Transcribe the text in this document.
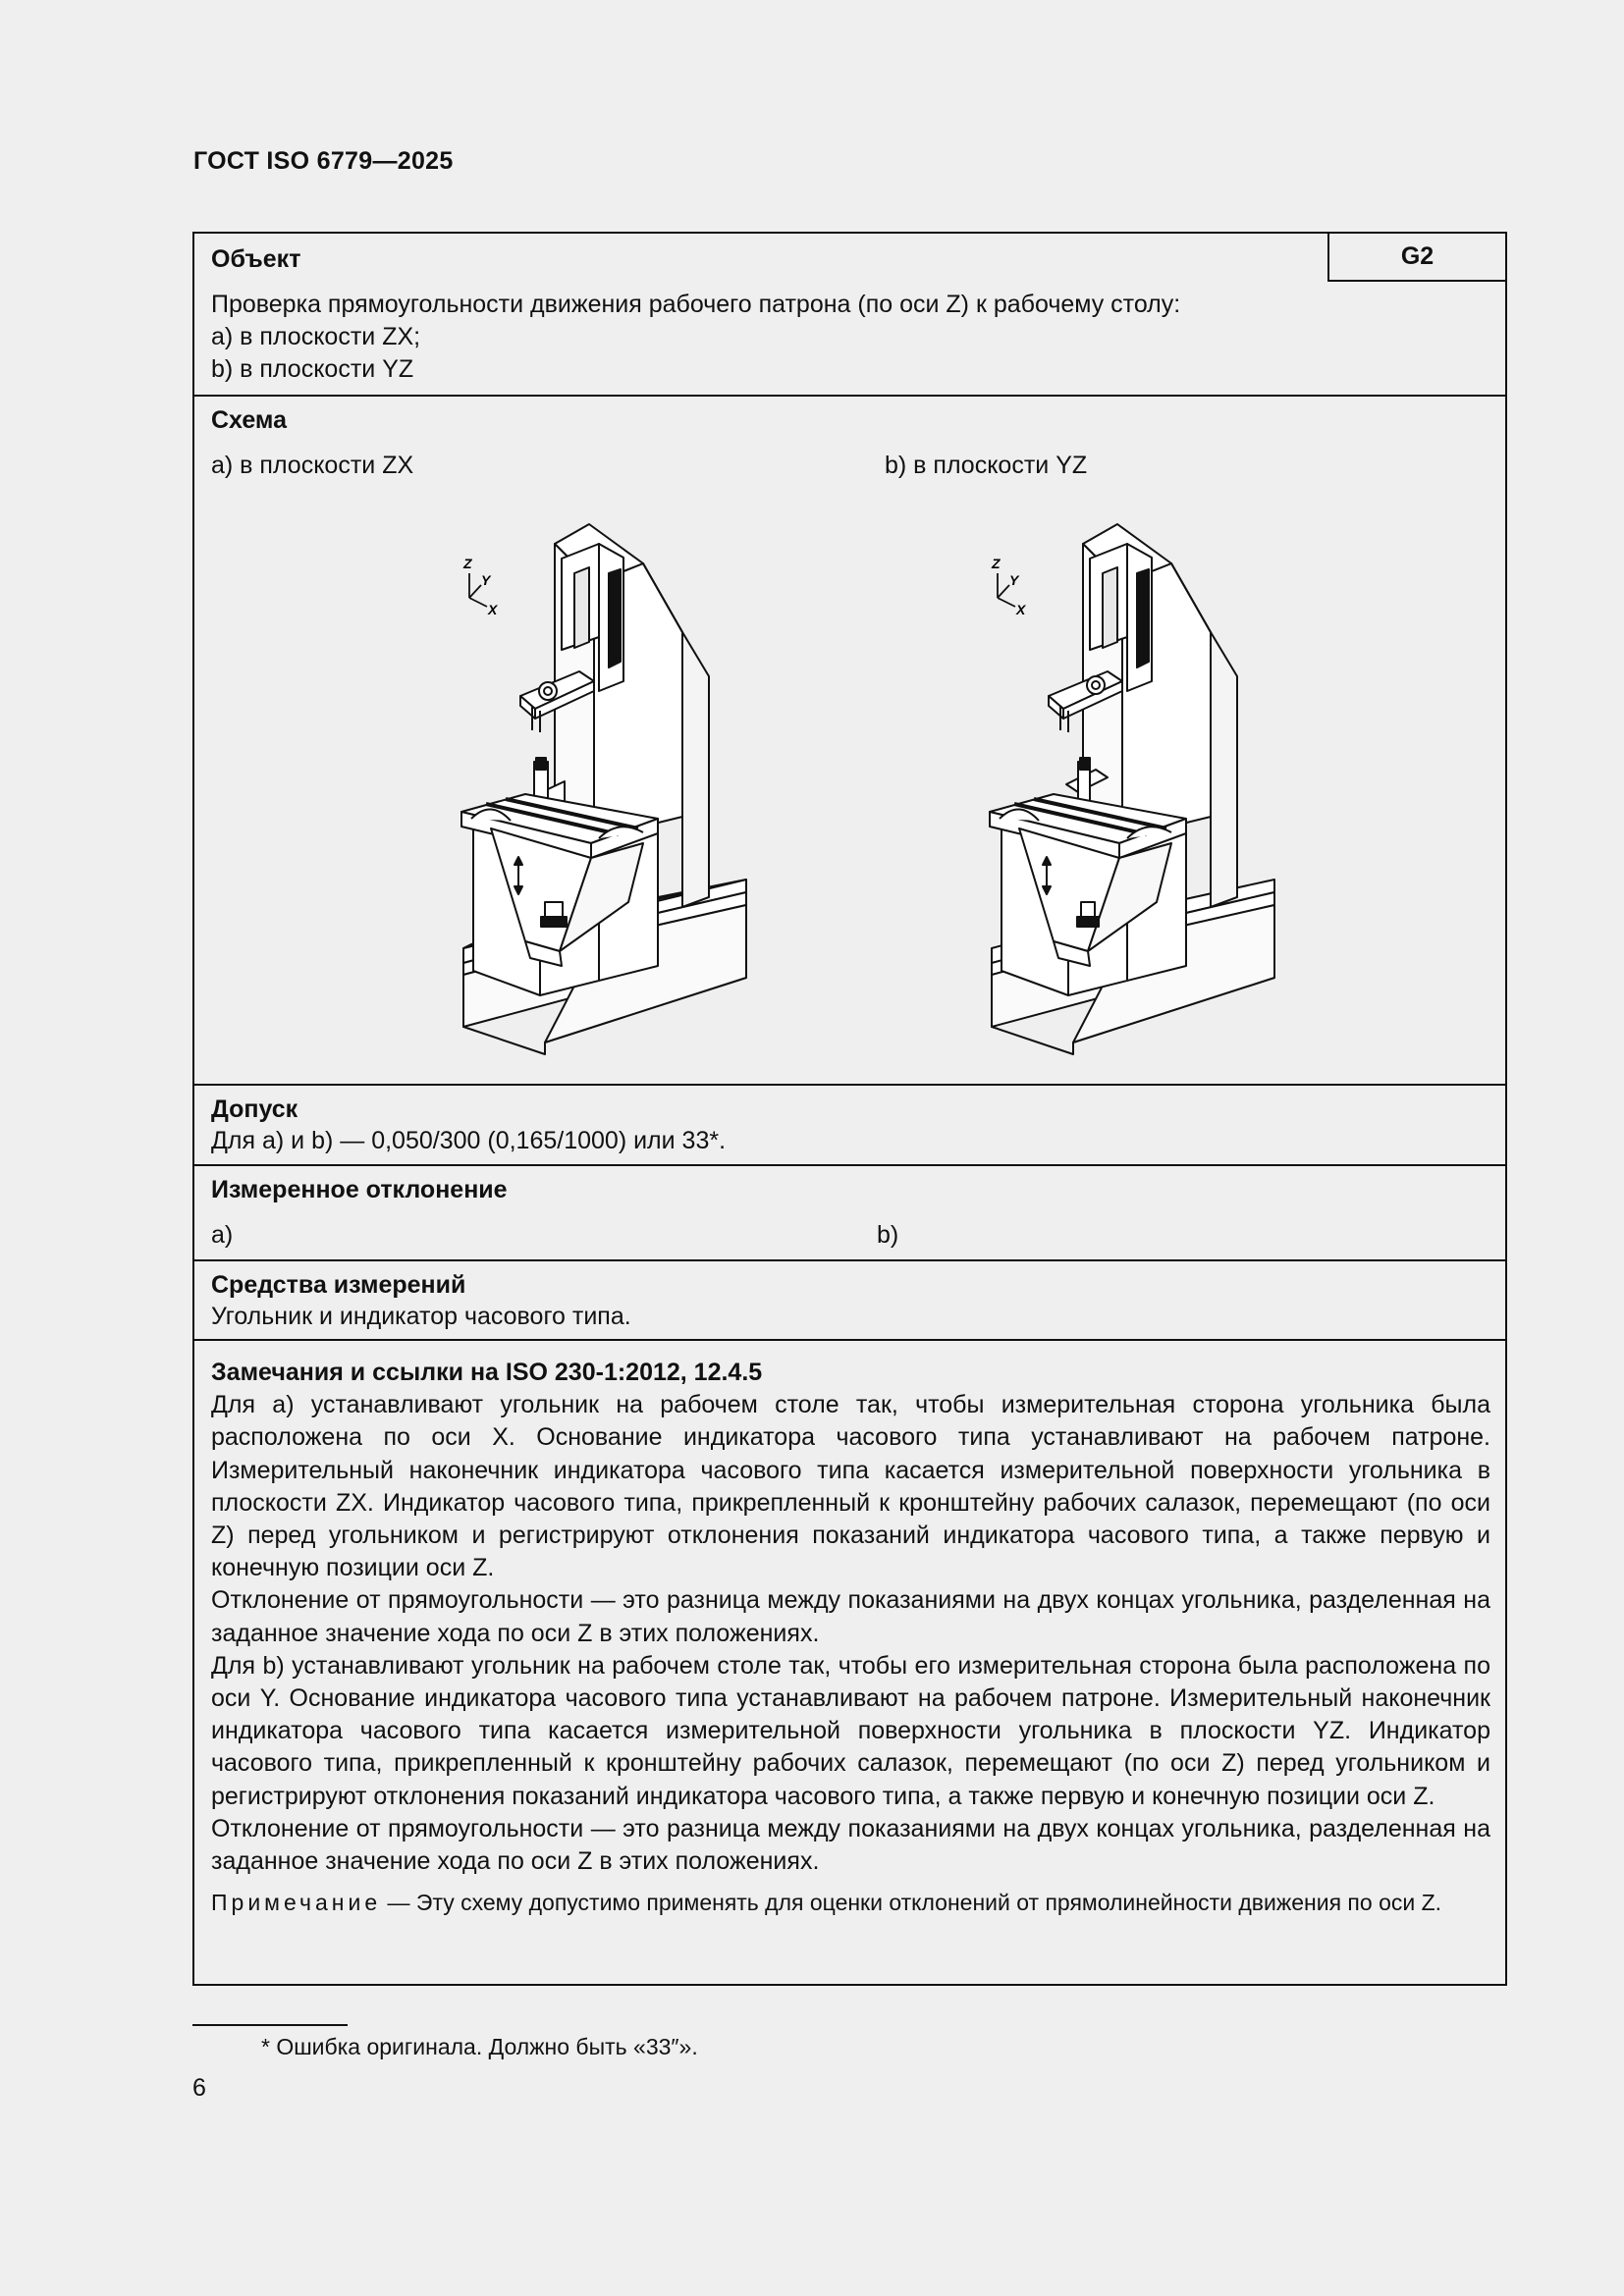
ГОСТ ISO 6779—2025
Объект	G2
Проверка прямоугольности движения рабочего патрона (по оси Z) к рабочему столу:
a) в плоскости ZX;
b) в плоскости YZ
Схема
a) в плоскости ZX	b) в плоскости YZ
Z
Y
X
Z
Y
X
Допуск
Для a) и b) — 0,050/300 (0,165/1000) или 33*.
Измеренное отклонение
a)	b)
Средства измерений
Угольник и индикатор часового типа.

Замечания и ссылки на ISO 230-1:2012, 12.4.5

Для a) устанавливают угольник на рабочем столе так, чтобы измерительная сторона угольника была расположена по оси X. Основание индикатора часового типа устанавливают на рабочем патроне. Измерительный наконечник индикатора часового типа касается измерительной поверхности угольника в плоскости ZX. Индикатор часового типа, прикрепленный к кронштейну рабочих салазок, перемещают (по оси Z) перед угольником и регистрируют отклонения показаний индикатора часового типа, а также первую и конечную позиции оси Z.

Отклонение от прямоугольности — это разница между показаниями на двух концах угольника, разделенная на заданное значение хода по оси Z в этих положениях.

Для b) устанавливают угольник на рабочем столе так, чтобы его измерительная сторона была расположена по оси Y. Основание индикатора часового типа устанавливают на рабочем патроне. Измерительный наконечник индикатора часового типа касается измерительной поверхности угольника в плоскости YZ. Индикатор часового типа, прикрепленный к кронштейну рабочих салазок, перемещают (по оси Z) перед угольником и регистрируют отклонения показаний индикатора часового типа, а также первую и конечную позиции оси Z.

Отклонение от прямоугольности — это разница между показаниями на двух концах угольника, разделенная на заданное значение хода по оси Z в этих положениях.

Примечание — Эту схему допустимо применять для оценки отклонений от прямолинейности движения по оси Z.

* Ошибка оригинала. Должно быть «33″».
6
